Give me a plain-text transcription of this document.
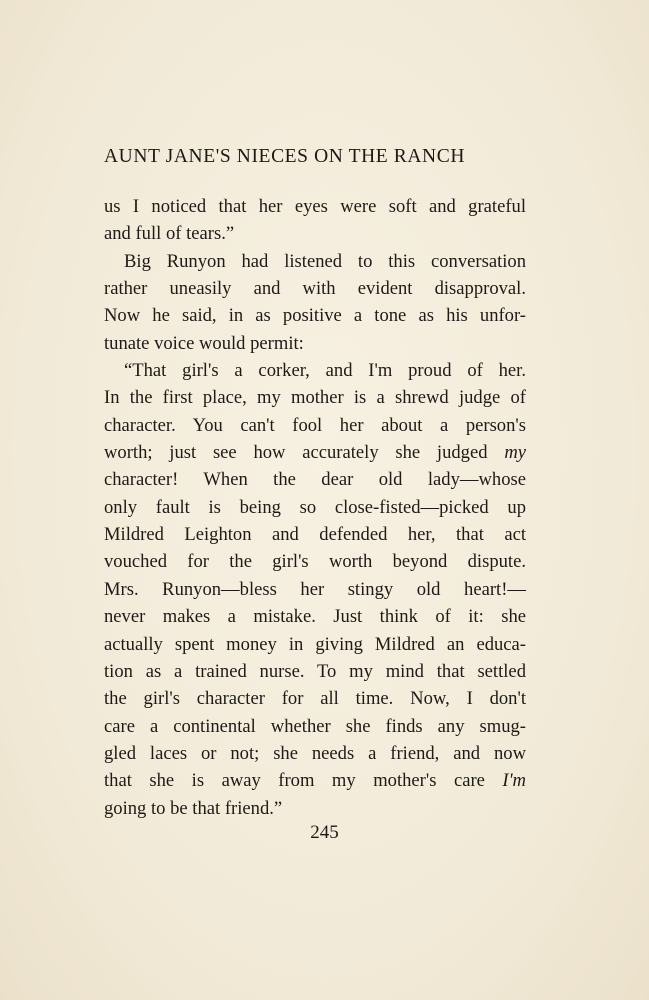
AUNT JANE'S NIECES ON THE RANCH
us I noticed that her eyes were soft and grateful
and full of tears.”
Big Runyon had listened to this conversation
rather uneasily and with evident disapproval.
Now he said, in as positive a tone as his unfor-
tunate voice would permit:
“That girl's a corker, and I'm proud of her.
In the first place, my mother is a shrewd judge of
character. You can't fool her about a person's
worth; just see how accurately she judged my
character! When the dear old lady—whose
only fault is being so close-fisted—picked up
Mildred Leighton and defended her, that act
vouched for the girl's worth beyond dispute.
Mrs. Runyon—bless her stingy old heart!—
never makes a mistake. Just think of it: she
actually spent money in giving Mildred an educa-
tion as a trained nurse. To my mind that settled
the girl's character for all time. Now, I don't
care a continental whether she finds any smug-
gled laces or not; she needs a friend, and now
that she is away from my mother's care I'm
going to be that friend.”
245
